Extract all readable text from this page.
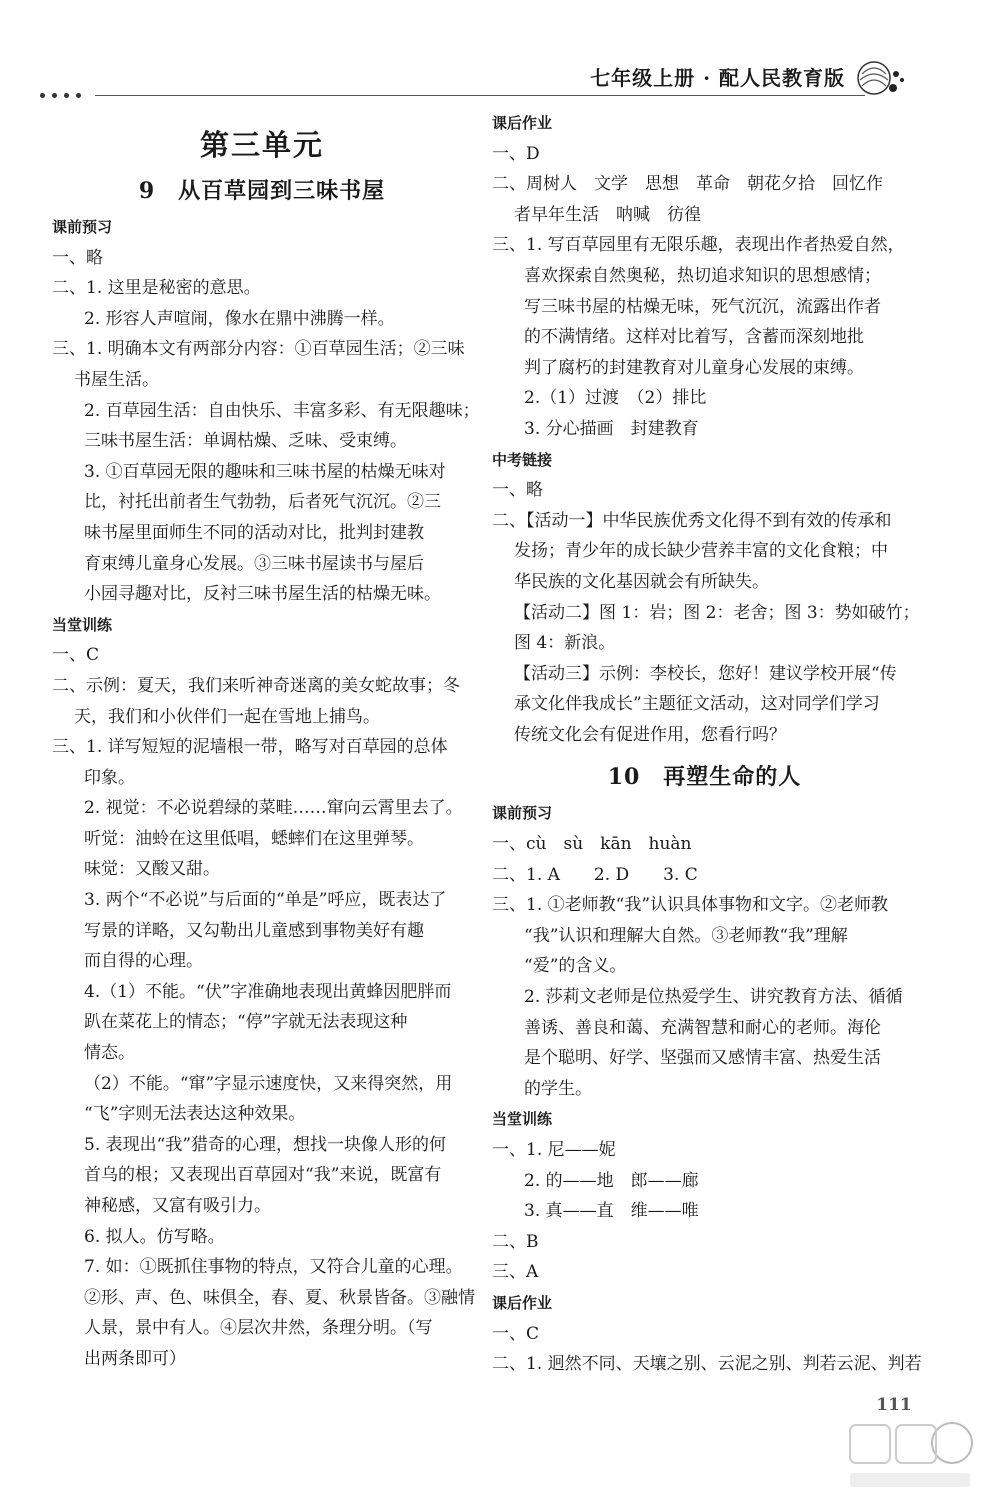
七年级上册 · 配人民教育版
第三单元
9　从百草园到三味书屋
课前预习
一、略
二、1. 这里是秘密的意思。
2. 形容人声喧闹，像水在鼎中沸腾一样。
三、1. 明确本文有两部分内容：①百草园生活；②三味
书屋生活。
2. 百草园生活：自由快乐、丰富多彩、有无限趣味；
三味书屋生活：单调枯燥、乏味、受束缚。
3. ①百草园无限的趣味和三味书屋的枯燥无味对
比，衬托出前者生气勃勃，后者死气沉沉。②三
味书屋里面师生不同的活动对比，批判封建教
育束缚儿童身心发展。③三味书屋读书与屋后
小园寻趣对比，反衬三味书屋生活的枯燥无味。
当堂训练
一、C
二、示例：夏天，我们来听神奇迷离的美女蛇故事；冬
天，我们和小伙伴们一起在雪地上捕鸟。
三、1. 详写短短的泥墙根一带，略写对百草园的总体
印象。
2. 视觉：不必说碧绿的菜畦……窜向云霄里去了。
听觉：油蛉在这里低唱，蟋蟀们在这里弹琴。
味觉：又酸又甜。
3. 两个“不必说”与后面的“单是”呼应，既表达了
写景的详略，又勾勒出儿童感到事物美好有趣
而自得的心理。
4.（1）不能。“伏”字准确地表现出黄蜂因肥胖而
趴在菜花上的情态；“停”字就无法表现这种
情态。
（2）不能。“窜”字显示速度快，又来得突然，用
“飞”字则无法表达这种效果。
5. 表现出“我”猎奇的心理，想找一块像人形的何
首乌的根；又表现出百草园对“我”来说，既富有
神秘感，又富有吸引力。
6. 拟人。仿写略。
7. 如：①既抓住事物的特点，又符合儿童的心理。
②形、声、色、味俱全，春、夏、秋景皆备。③融情
人景，景中有人。④层次井然，条理分明。（写
出两条即可）
课后作业
一、D
二、周树人　文学　思想　革命　朝花夕拾　回忆作
者早年生活　呐喊　彷徨
三、1. 写百草园里有无限乐趣，表现出作者热爱自然，
喜欢探索自然奥秘，热切追求知识的思想感情；
写三味书屋的枯燥无味，死气沉沉，流露出作者
的不满情绪。这样对比着写，含蓄而深刻地批
判了腐朽的封建教育对儿童身心发展的束缚。
2.（1）过渡　（2）排比
3. 分心描画　封建教育
中考链接
一、略
二、【活动一】中华民族优秀文化得不到有效的传承和
发扬；青少年的成长缺少营养丰富的文化食粮；中
华民族的文化基因就会有所缺失。
【活动二】图 1：岩；图 2：老舍；图 3：势如破竹；
图 4：新浪。
【活动三】示例：李校长，您好！建议学校开展“传
承文化伴我成长”主题征文活动，这对同学们学习
传统文化会有促进作用，您看行吗？
10　再塑生命的人
课前预习
一、cù　sù　kān　huàn
二、1. A　　2. D　　3. C
三、1. ①老师教“我”认识具体事物和文字。②老师教
“我”认识和理解大自然。③老师教“我”理解
“爱”的含义。
2. 莎莉文老师是位热爱学生、讲究教育方法、循循
善诱、善良和蔼、充满智慧和耐心的老师。海伦
是个聪明、好学、坚强而又感情丰富、热爱生活
的学生。
当堂训练
一、1. 尼——妮
2. 的——地　郎——廊
3. 真——直　维——唯
二、B
三、A
课后作业
一、C
二、1. 迥然不同、天壤之别、云泥之别、判若云泥、判若
111
